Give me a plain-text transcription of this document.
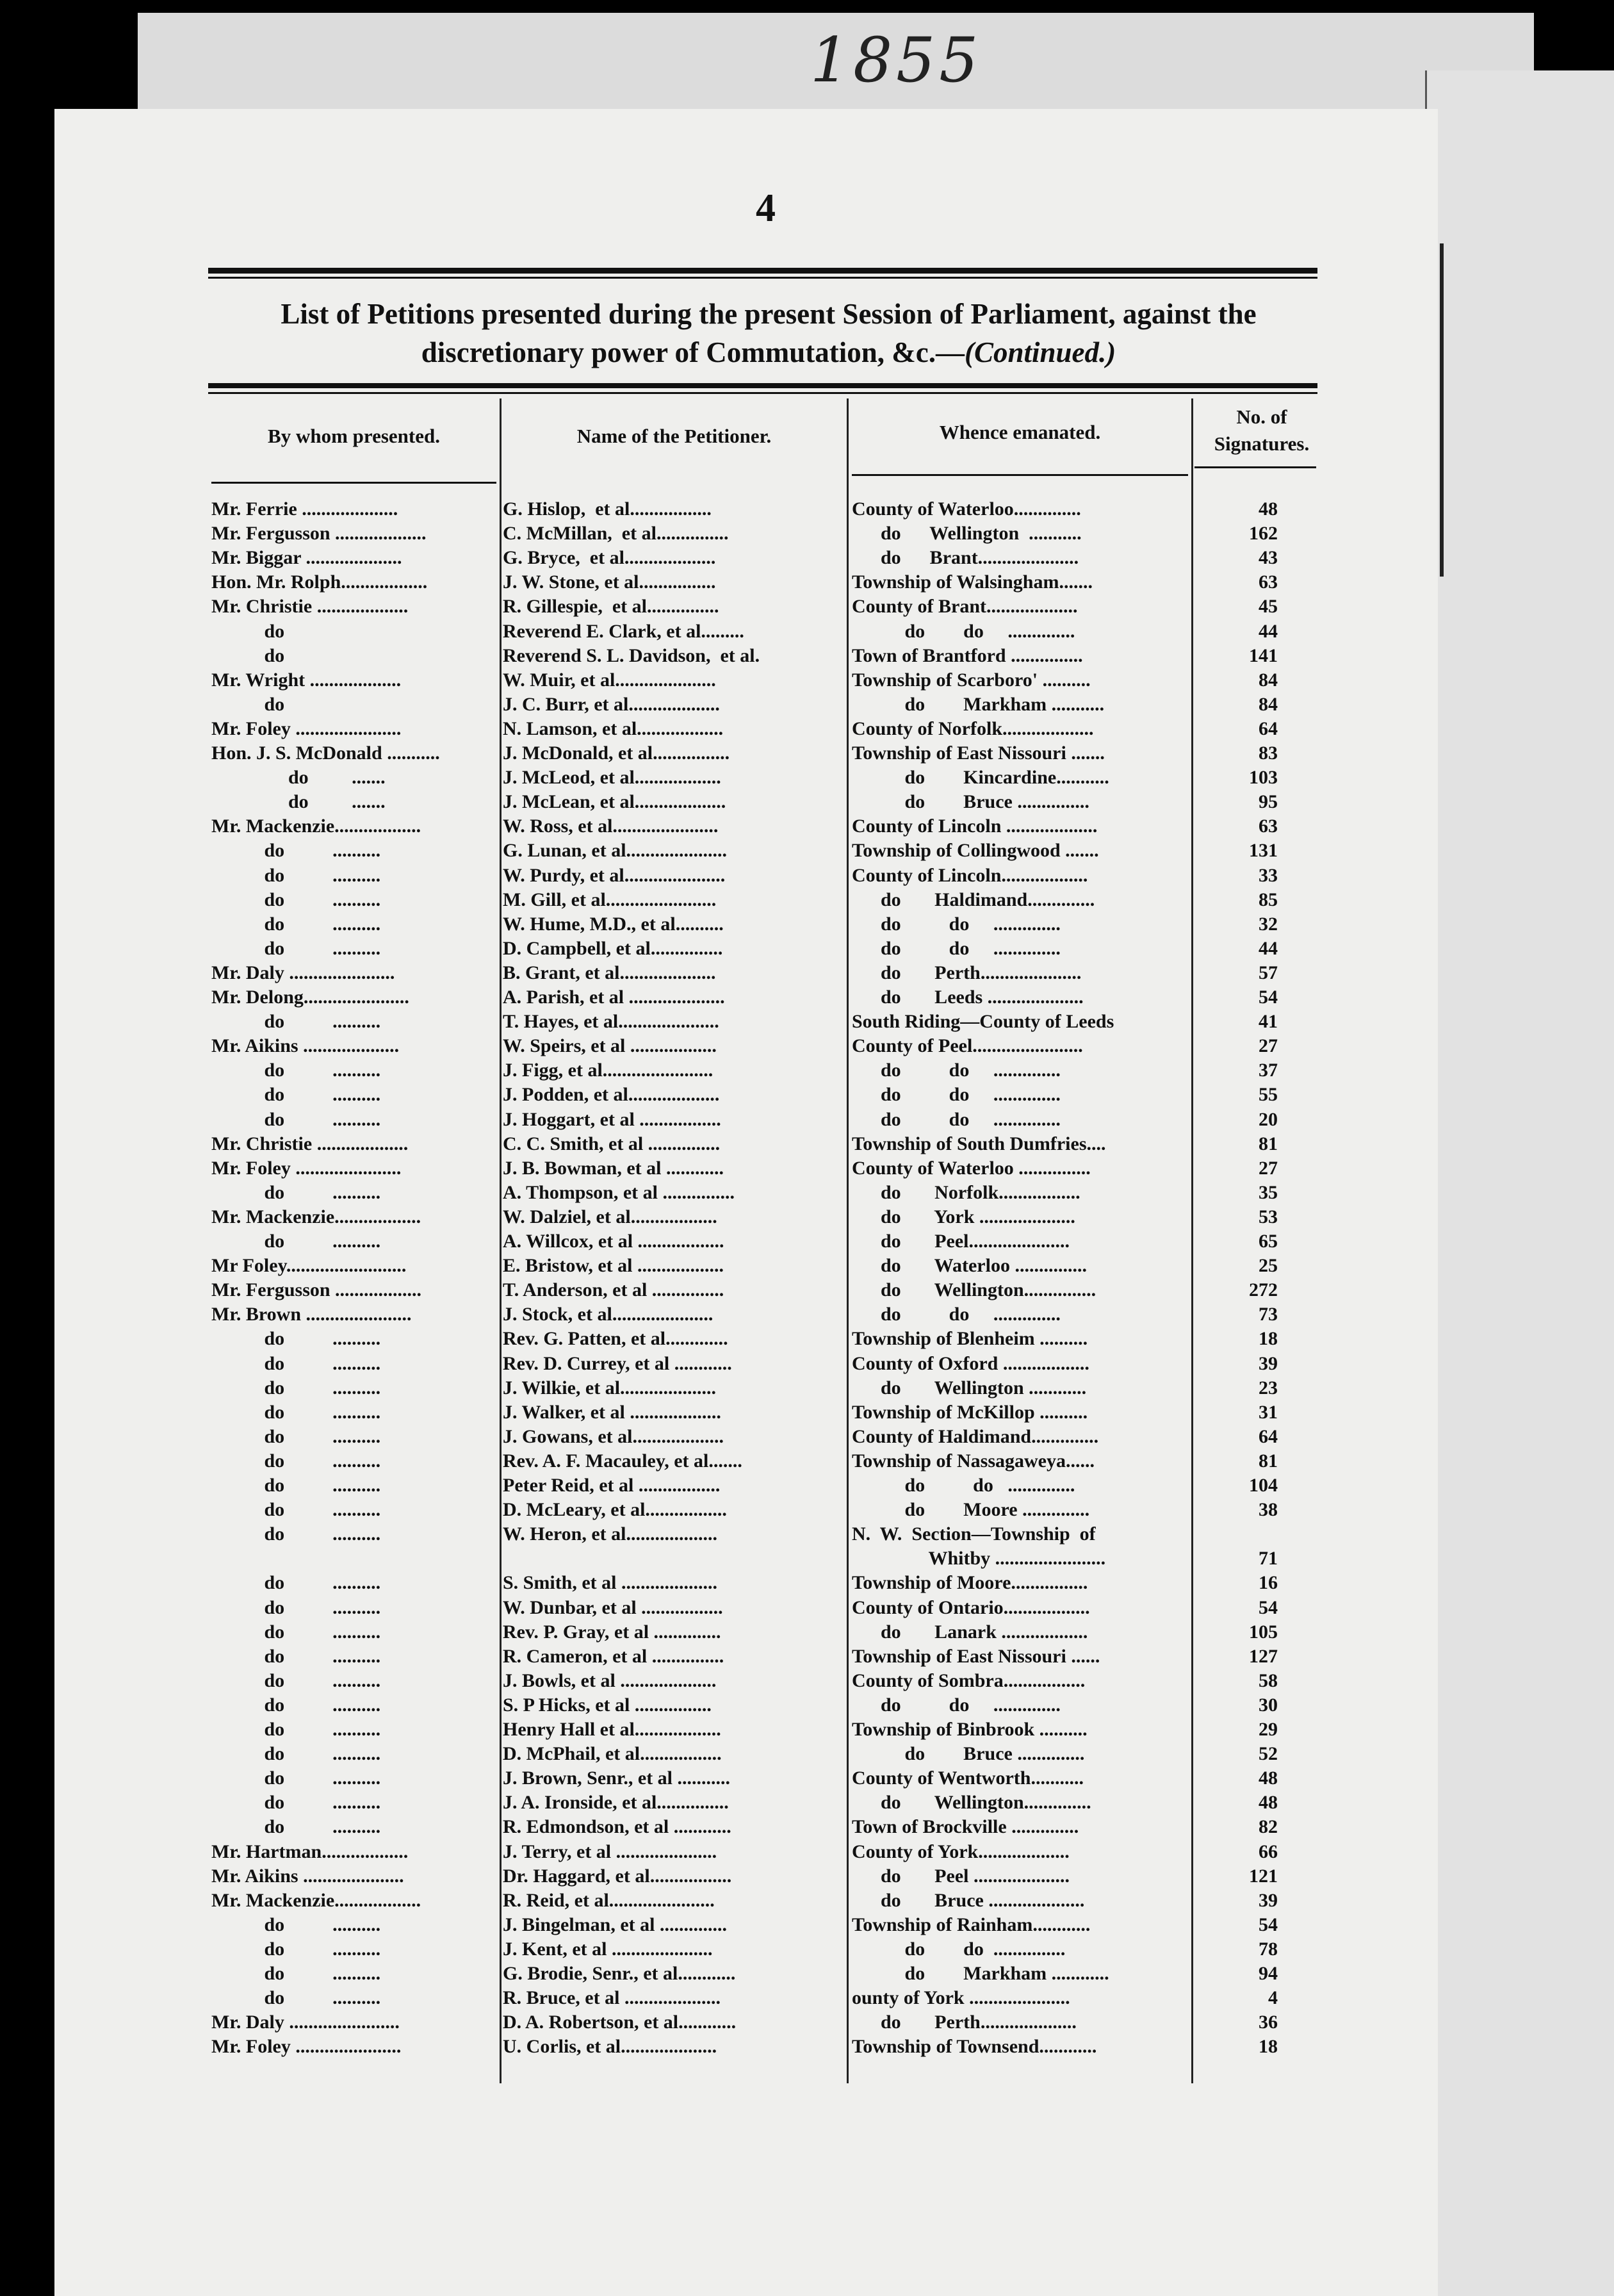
1855
4
List of Petitions presented during the present Session of Parliament, against the
discretionary power of Commutation, &c.—(Continued.)
By whom presented.	Name of the Petitioner.	Whence emanated.
No. of
Signatures.
Mr. Ferrie ....................	G. Hislop,  et al.................	County of Waterloo..............	48
Mr. Fergusson ...................	C. McMillan,  et al...............	do      Wellington  ...........	162
Mr. Biggar ....................	G. Bryce,  et al...................	do      Brant.....................	43
Hon. Mr. Rolph..................	J. W. Stone, et al................	Township of Walsingham.......	63
Mr. Christie ...................	R. Gillespie,  et al...............	County of Brant...................	45
do	Reverend E. Clark, et al.........	do        do     ..............	44
do	Reverend S. L. Davidson,  et al.	Town of Brantford ...............	141
Mr. Wright ...................	W. Muir, et al.....................	Township of Scarboro' ..........	84
do	J. C. Burr, et al...................	do        Markham ...........	84
Mr. Foley ......................	N. Lamson, et al..................	County of Norfolk...................	64
Hon. J. S. McDonald ...........	J. McDonald, et al................	Township of East Nissouri .......	83
do         .......	J. McLeod, et al..................	do        Kincardine...........	103
do         .......	J. McLean, et al...................	do        Bruce ...............	95
Mr. Mackenzie..................	W. Ross, et al......................	County of Lincoln ...................	63
do          ..........	G. Lunan, et al.....................	Township of Collingwood .......	131
do          ..........	W. Purdy, et al.....................	County of Lincoln..................	33
do          ..........	M. Gill, et al.......................	do       Haldimand..............	85
do          ..........	W. Hume, M.D., et al..........	do          do     ..............	32
do          ..........	D. Campbell, et al...............	do          do     ..............	44
Mr. Daly ......................	B. Grant, et al....................	do       Perth.....................	57
Mr. Delong......................	A. Parish, et al ....................	do       Leeds ....................	54
do          ..........	T. Hayes, et al.....................	South Riding—County of Leeds	41
Mr. Aikins ....................	W. Speirs, et al ..................	County of Peel.......................	27
do          ..........	J. Figg, et al.......................	do          do     ..............	37
do          ..........	J. Podden, et al...................	do          do     ..............	55
do          ..........	J. Hoggart, et al .................	do          do     ..............	20
Mr. Christie ...................	C. C. Smith, et al ...............	Township of South Dumfries....	81
Mr. Foley ......................	J. B. Bowman, et al ............	County of Waterloo ...............	27
do          ..........	A. Thompson, et al ...............	do       Norfolk.................	35
Mr. Mackenzie..................	W. Dalziel, et al..................	do       York ....................	53
do          ..........	A. Willcox, et al ..................	do       Peel.....................	65
Mr Foley.........................	E. Bristow, et al ..................	do       Waterloo ...............	25
Mr. Fergusson ..................	T. Anderson, et al ...............	do       Wellington...............	272
Mr. Brown ......................	J. Stock, et al.....................	do          do     ..............	73
do          ..........	Rev. G. Patten, et al.............	Township of Blenheim ..........	18
do          ..........	Rev. D. Currey, et al ............	County of Oxford ..................	39
do          ..........	J. Wilkie, et al....................	do       Wellington ............	23
do          ..........	J. Walker, et al ...................	Township of McKillop ..........	31
do          ..........	J. Gowans, et al...................	County of Haldimand..............	64
do          ..........	Rev. A. F. Macauley, et al.......	Township of Nassagaweya......	81
do          ..........	Peter Reid, et al .................	do          do   ..............	104
do          ..........	D. McLeary, et al.................	do        Moore ..............	38
do          ..........	W. Heron, et al...................	N.  W.  Section—Township  of
Whitby .......................	71
do          ..........	S. Smith, et al ....................	Township of Moore................	16
do          ..........	W. Dunbar, et al .................	County of Ontario..................	54
do          ..........	Rev. P. Gray, et al ..............	do       Lanark ..................	105
do          ..........	R. Cameron, et al ...............	Township of East Nissouri ......	127
do          ..........	J. Bowls, et al ....................	County of Sombra.................	58
do          ..........	S. P Hicks, et al ................	do          do     ..............	30
do          ..........	Henry Hall et al..................	Township of Binbrook ..........	29
do          ..........	D. McPhail, et al.................	do        Bruce ..............	52
do          ..........	J. Brown, Senr., et al ...........	County of Wentworth...........	48
do          ..........	J. A. Ironside, et al...............	do       Wellington..............	48
do          ..........	R. Edmondson, et al ............	Town of Brockville ..............	82
Mr. Hartman..................	J. Terry, et al .....................	County of York...................	66
Mr. Aikins .....................	Dr. Haggard, et al.................	do       Peel ....................	121
Mr. Mackenzie..................	R. Reid, et al......................	do       Bruce ....................	39
do          ..........	J. Bingelman, et al ..............	Township of Rainham............	54
do          ..........	J. Kent, et al .....................	do        do  ...............	78
do          ..........	G. Brodie, Senr., et al............	do        Markham ............	94
do          ..........	R. Bruce, et al ....................	ounty of York .....................	4
Mr. Daly .......................	D. A. Robertson, et al............	do       Perth....................	36
Mr. Foley ......................	U. Corlis, et al....................	Township of Townsend............	18
